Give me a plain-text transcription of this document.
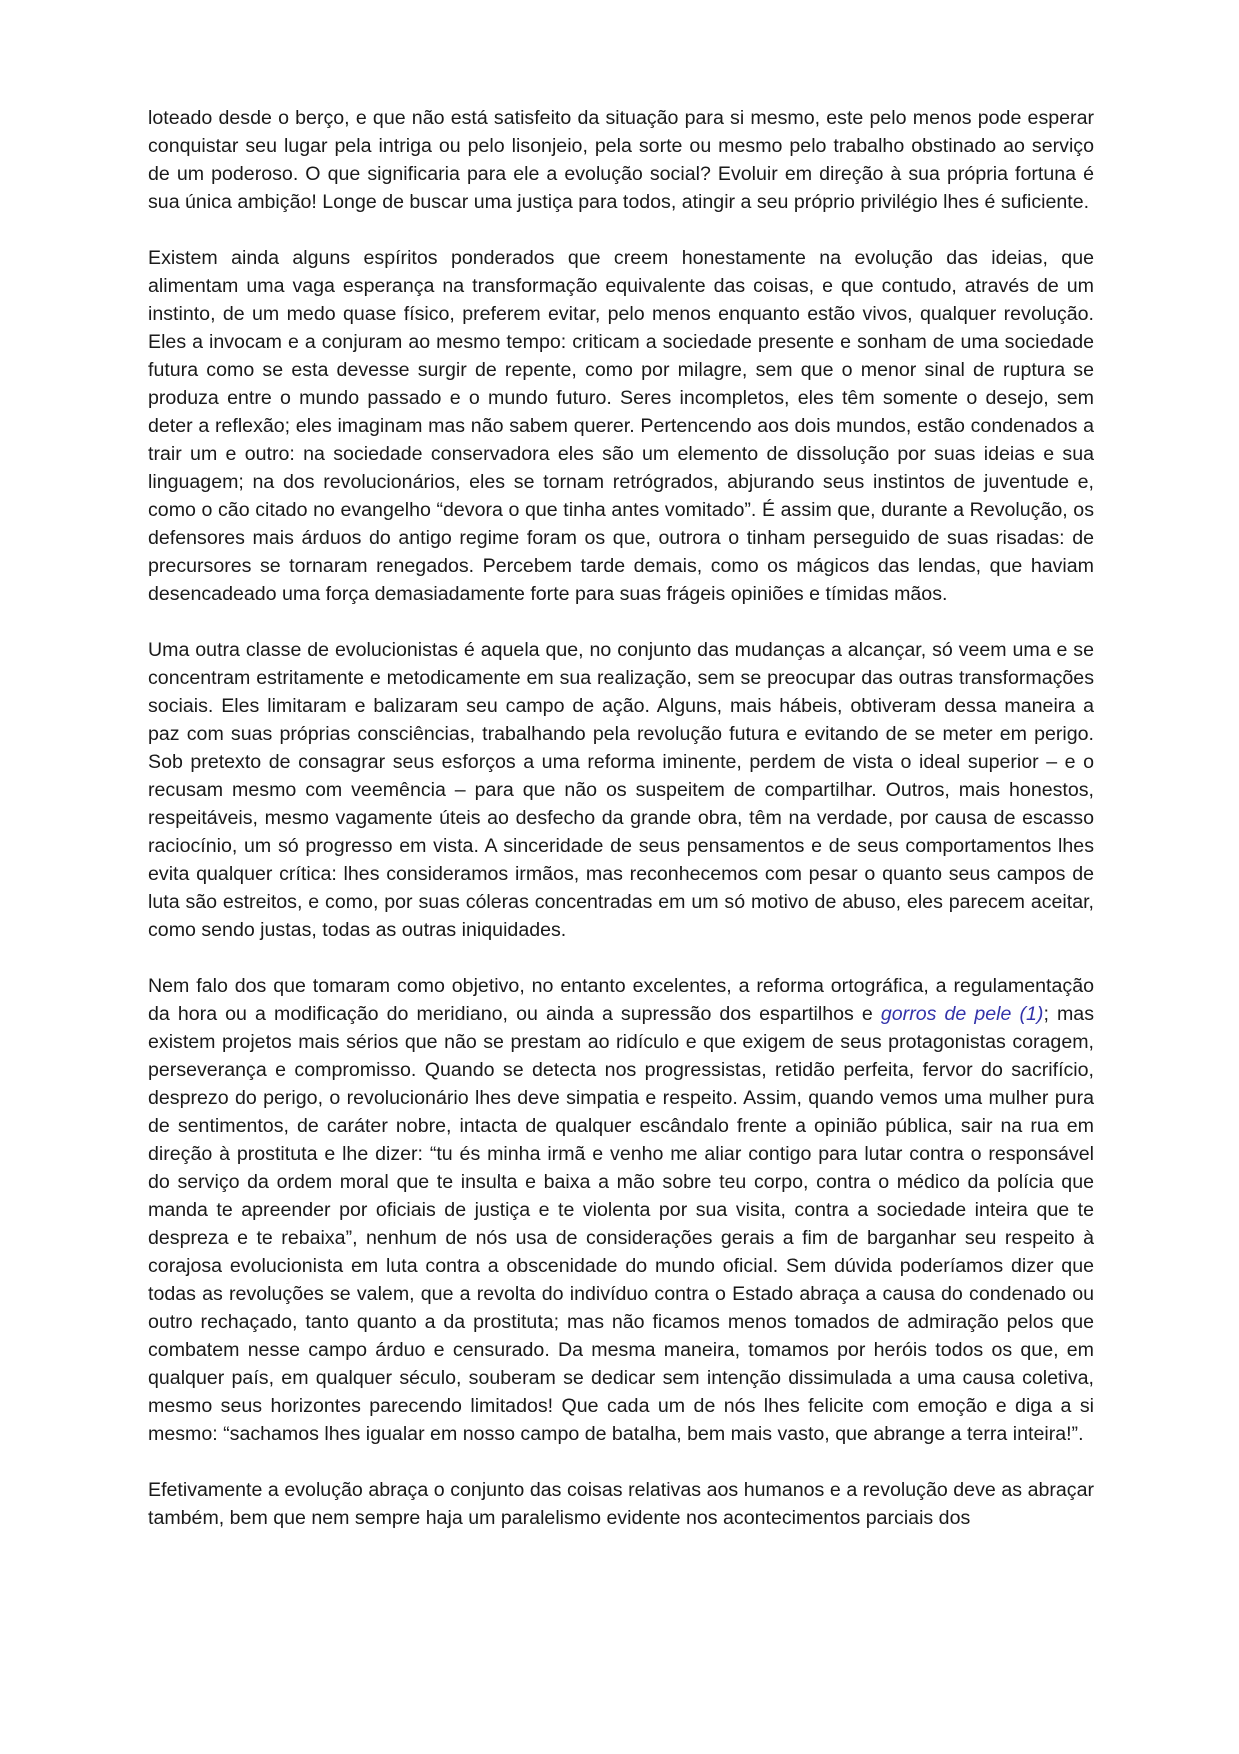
loteado desde o berço, e que não está satisfeito da situação para si mesmo, este pelo menos pode esperar conquistar seu lugar pela intriga ou pelo lisonjeio, pela sorte ou mesmo pelo trabalho obstinado ao serviço de um poderoso. O que significaria para ele a evolução social? Evoluir em direção à sua própria fortuna é sua única ambição! Longe de buscar uma justiça para todos, atingir a seu próprio privilégio lhes é suficiente.

Existem ainda alguns espíritos ponderados que creem honestamente na evolução das ideias, que alimentam uma vaga esperança na transformação equivalente das coisas, e que contudo, através de um instinto, de um medo quase físico, preferem evitar, pelo menos enquanto estão vivos, qualquer revolução. Eles a invocam e a conjuram ao mesmo tempo: criticam a sociedade presente e sonham de uma sociedade futura como se esta devesse surgir de repente, como por milagre, sem que o menor sinal de ruptura se produza entre o mundo passado e o mundo futuro. Seres incompletos, eles têm somente o desejo, sem deter a reflexão; eles imaginam mas não sabem querer. Pertencendo aos dois mundos, estão condenados a trair um e outro: na sociedade conservadora eles são um elemento de dissolução por suas ideias e sua linguagem; na dos revolucionários, eles se tornam retrógrados, abjurando seus instintos de juventude e, como o cão citado no evangelho “devora o que tinha antes vomitado”. É assim que, durante a Revolução, os defensores mais árduos do antigo regime foram os que, outrora o tinham perseguido de suas risadas: de precursores se tornaram renegados. Percebem tarde demais, como os mágicos das lendas, que haviam desencadeado uma força demasiadamente forte para suas frágeis opiniões e tímidas mãos.

Uma outra classe de evolucionistas é aquela que, no conjunto das mudanças a alcançar, só veem uma e se concentram estritamente e metodicamente em sua realização, sem se preocupar das outras transformações sociais. Eles limitaram e balizaram seu campo de ação. Alguns, mais hábeis, obtiveram dessa maneira a paz com suas próprias consciências, trabalhando pela revolução futura e evitando de se meter em perigo. Sob pretexto de consagrar seus esforços a uma reforma iminente, perdem de vista o ideal superior – e o recusam mesmo com veemência – para que não os suspeitem de compartilhar. Outros, mais honestos, respeitáveis, mesmo vagamente úteis ao desfecho da grande obra, têm na verdade, por causa de escasso raciocínio, um só progresso em vista. A sinceridade de seus pensamentos e de seus comportamentos lhes evita qualquer crítica: lhes consideramos irmãos, mas reconhecemos com pesar o quanto seus campos de luta são estreitos, e como, por suas cóleras concentradas em um só motivo de abuso, eles parecem aceitar, como sendo justas, todas as outras iniquidades.

Nem falo dos que tomaram como objetivo, no entanto excelentes, a reforma ortográfica, a regulamentação da hora ou a modificação do meridiano, ou ainda a supressão dos espartilhos e gorros de pele (1); mas existem projetos mais sérios que não se prestam ao ridículo e que exigem de seus protagonistas coragem, perseverança e compromisso. Quando se detecta nos progressistas, retidão perfeita, fervor do sacrifício, desprezo do perigo, o revolucionário lhes deve simpatia e respeito. Assim, quando vemos uma mulher pura de sentimentos, de caráter nobre, intacta de qualquer escândalo frente a opinião pública, sair na rua em direção à prostituta e lhe dizer: “tu és minha irmã e venho me aliar contigo para lutar contra o responsável do serviço da ordem moral que te insulta e baixa a mão sobre teu corpo, contra o médico da polícia que manda te apreender por oficiais de justiça e te violenta por sua visita, contra a sociedade inteira que te despreza e te rebaixa”, nenhum de nós usa de considerações gerais a fim de barganhar seu respeito à corajosa evolucionista em luta contra a obscenidade do mundo oficial. Sem dúvida poderíamos dizer que todas as revoluções se valem, que a revolta do indivíduo contra o Estado abraça a causa do condenado ou outro rechaçado, tanto quanto a da prostituta; mas não ficamos menos tomados de admiração pelos que combatem nesse campo árduo e censurado. Da mesma maneira, tomamos por heróis todos os que, em qualquer país, em qualquer século, souberam se dedicar sem intenção dissimulada a uma causa coletiva, mesmo seus horizontes parecendo limitados! Que cada um de nós lhes felicite com emoção e diga a si mesmo: “sachamos lhes igualar em nosso campo de batalha, bem mais vasto, que abrange a terra inteira!”.

Efetivamente a evolução abraça o conjunto das coisas relativas aos humanos e a revolução deve as abraçar também, bem que nem sempre haja um paralelismo evidente nos acontecimentos parciais dos
